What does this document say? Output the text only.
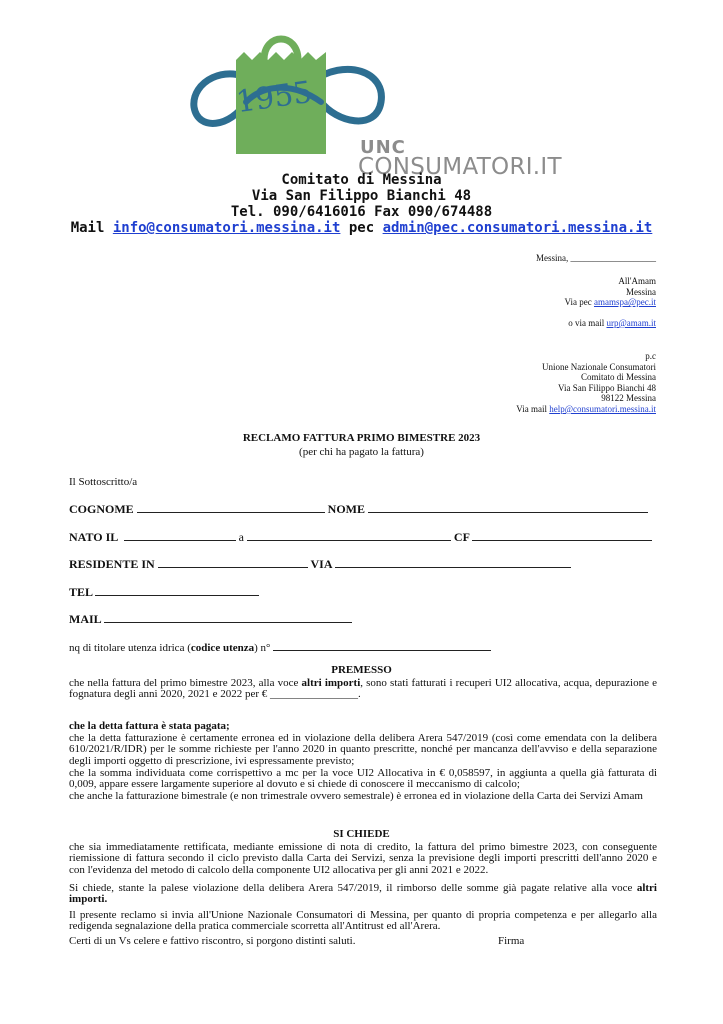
1955
UNC
CONSUMATORI.IT
Comitato di Messina
Via San Filippo Bianchi 48
Tel. 090/6416016 Fax 090/674488
Mail info@consumatori.messina.it pec admin@pec.consumatori.messina.it
Messina, ___________________
All'Amam
Messina
Via pec amamspa@pec.it
o via mail urp@amam.it
p.c
Unione Nazionale Consumatori
Comitato di Messina
Via San Filippo Bianchi 48
98122 Messina
Via mail help@consumatori.messina.it
RECLAMO FATTURA PRIMO BIMESTRE 2023
(per chi ha pagato la fattura)
Il Sottoscritto/a
COGNOME	NOME
NATO IL	a	CF
RESIDENTE IN	VIA
TEL
MAIL
nq di titolare utenza idrica (codice utenza) n°
PREMESSO
che nella fattura del primo bimestre 2023, alla voce altri importi, sono stati fatturati i recuperi UI2 allocativa, acqua, depurazione e fognatura degli anni 2020, 2021 e 2022 per € ________________.
che la detta fattura è stata pagata;
che la detta fatturazione è certamente erronea ed in violazione della delibera Arera 547/2019 (così come emendata con la delibera 610/2021/R/IDR) per le somme richieste per l'anno 2020 in quanto prescritte, nonché per mancanza dell'avviso e della separazione degli importi oggetto di prescrizione, ivi espressamente previsto;
che la somma individuata come corrispettivo a mc per la voce UI2 Allocativa in € 0,058597, in aggiunta a quella già fatturata di 0,009, appare essere largamente superiore al dovuto e si chiede di conoscere il meccanismo di calcolo;
che anche la fatturazione bimestrale (e non trimestrale ovvero semestrale) è erronea ed in violazione della Carta dei Servizi Amam
SI CHIEDE
che sia immediatamente rettificata, mediante emissione di nota di credito, la fattura del primo bimestre 2023, con conseguente riemissione di fattura secondo il ciclo previsto dalla Carta dei Servizi, senza la previsione degli importi prescritti dell'anno 2020 e con l'evidenza del metodo di calcolo della componente UI2 allocativa per gli anni 2021 e 2022.
Si chiede, stante la palese violazione della delibera Arera 547/2019, il rimborso delle somme già pagate relative alla voce altri importi.
Il presente reclamo si invia all'Unione Nazionale Consumatori di Messina, per quanto di propria competenza e per allegarlo alla redigenda segnalazione della pratica commerciale scorretta all'Antitrust ed all'Arera.
Certi di un Vs celere e fattivo riscontro, si porgono distinti saluti.	Firma
